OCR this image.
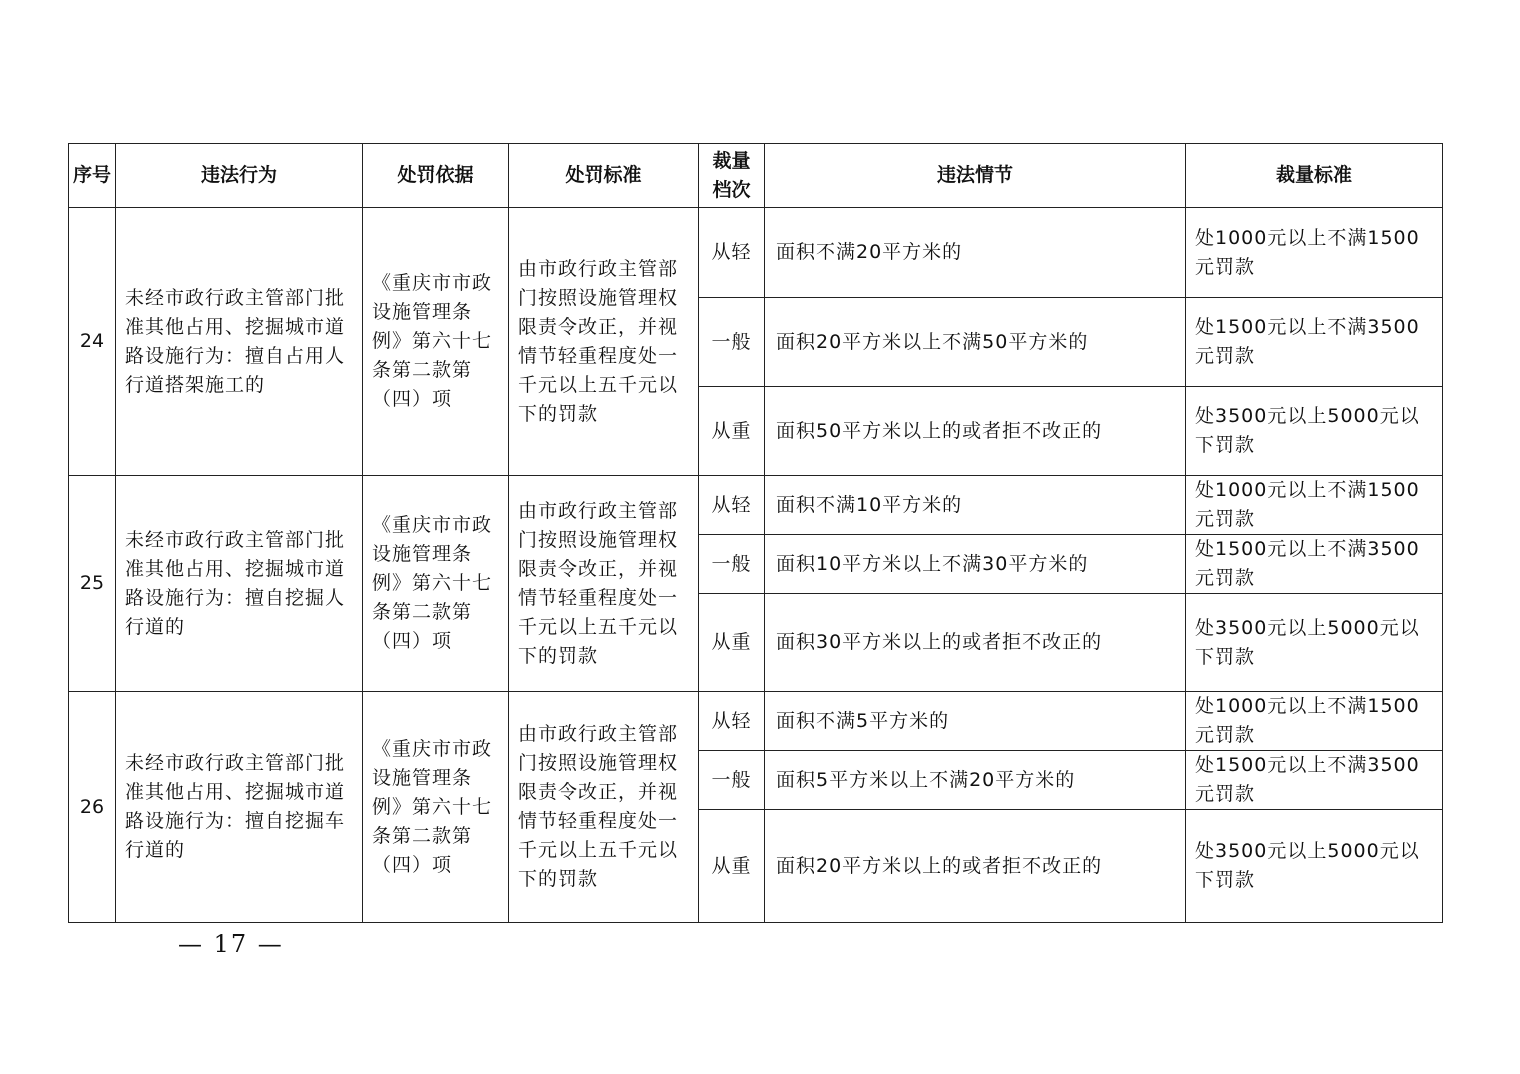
序号	违法行为	处罚依据	处罚标准	裁量档次	违法情节	裁量标准
24	未经市政行政主管部门批准其他占用、挖掘城市道路设施行为：擅自占用人行道搭架施工的	《重庆市市政设施管理条例》第六十七条第二款第（四）项	由市政行政主管部门按照设施管理权限责令改正，并视情节轻重程度处一千元以上五千元以下的罚款	从轻	面积不满20平方米的	处1000元以上不满1500元罚款
				一般	面积20平方米以上不满50平方米的	处1500元以上不满3500元罚款
				从重	面积50平方米以上的或者拒不改正的	处3500元以上5000元以下罚款
25	未经市政行政主管部门批准其他占用、挖掘城市道路设施行为：擅自挖掘人行道的	《重庆市市政设施管理条例》第六十七条第二款第（四）项	由市政行政主管部门按照设施管理权限责令改正，并视情节轻重程度处一千元以上五千元以下的罚款	从轻	面积不满10平方米的	处1000元以上不满1500元罚款
				一般	面积10平方米以上不满30平方米的	处1500元以上不满3500元罚款
				从重	面积30平方米以上的或者拒不改正的	处3500元以上5000元以下罚款
26	未经市政行政主管部门批准其他占用、挖掘城市道路设施行为：擅自挖掘车行道的	《重庆市市政设施管理条例》第六十七条第二款第（四）项	由市政行政主管部门按照设施管理权限责令改正，并视情节轻重程度处一千元以上五千元以下的罚款	从轻	面积不满5平方米的	处1000元以上不满1500元罚款
				一般	面积5平方米以上不满20平方米的	处1500元以上不满3500元罚款
				从重	面积20平方米以上的或者拒不改正的	处3500元以上5000元以下罚款
— 17 —
